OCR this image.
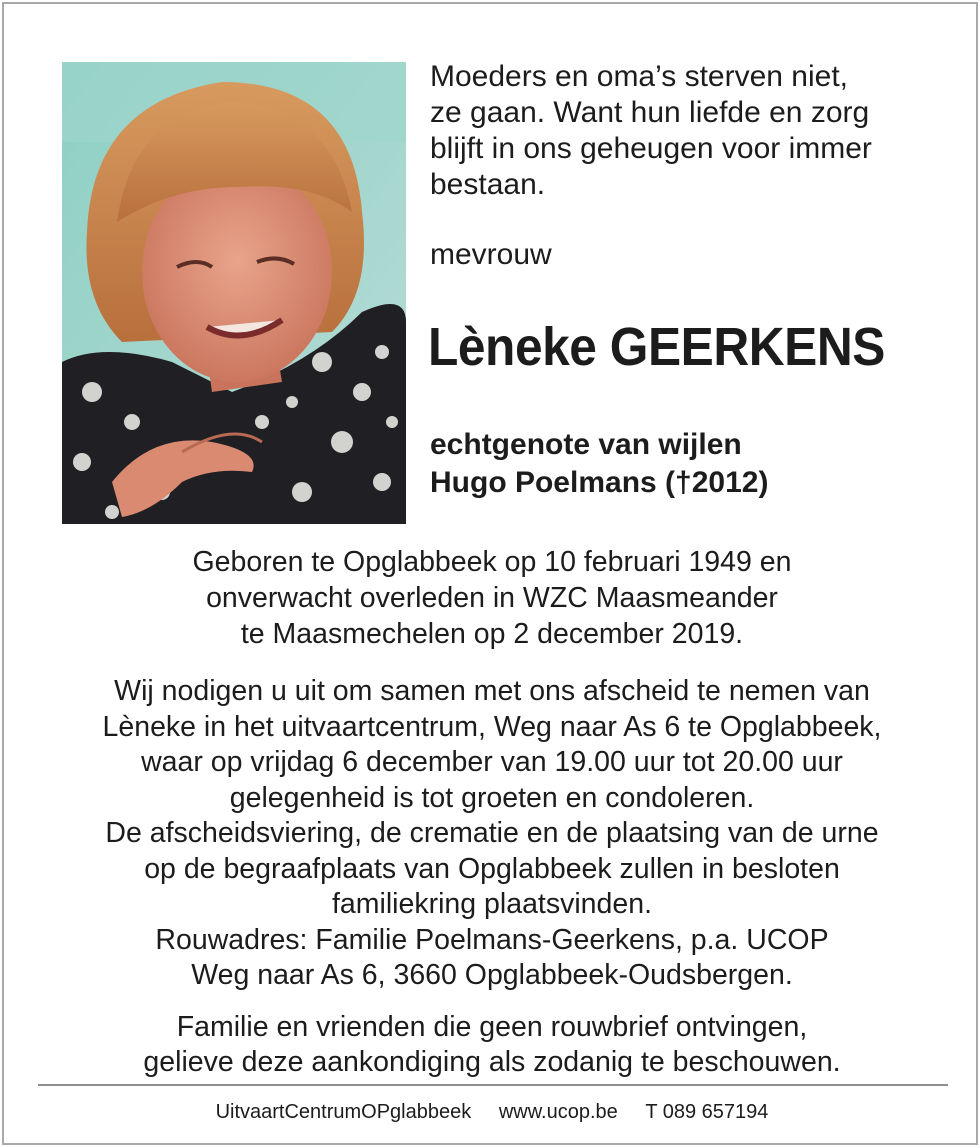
Moeders en oma’s sterven niet,
ze gaan. Want hun liefde en zorg
blijft in ons geheugen voor immer
bestaan.
mevrouw
Lèneke GEERKENS
echtgenote van wijlen
Hugo Poelmans (†2012)
Geboren te Opglabbeek op 10 februari 1949 en
onverwacht overleden in WZC Maasmeander
te Maasmechelen op 2 december 2019.
Wij nodigen u uit om samen met ons afscheid te nemen van
Lèneke in het uitvaartcentrum, Weg naar As 6 te Opglabbeek,
waar op vrijdag 6 december van 19.00 uur tot 20.00 uur
gelegenheid is tot groeten en condoleren.
De afscheidsviering, de crematie en de plaatsing van de urne
op de begraafplaats van Opglabbeek zullen in besloten
familiekring plaatsvinden.
Rouwadres: Familie Poelmans-Geerkens, p.a. UCOP
Weg naar As 6, 3660 Opglabbeek-Oudsbergen.
Familie en vrienden die geen rouwbrief ontvingen,
gelieve deze aankondiging als zodanig te beschouwen.
UitvaartCentrumOPglabbeek www.ucop.be T 089 657194
